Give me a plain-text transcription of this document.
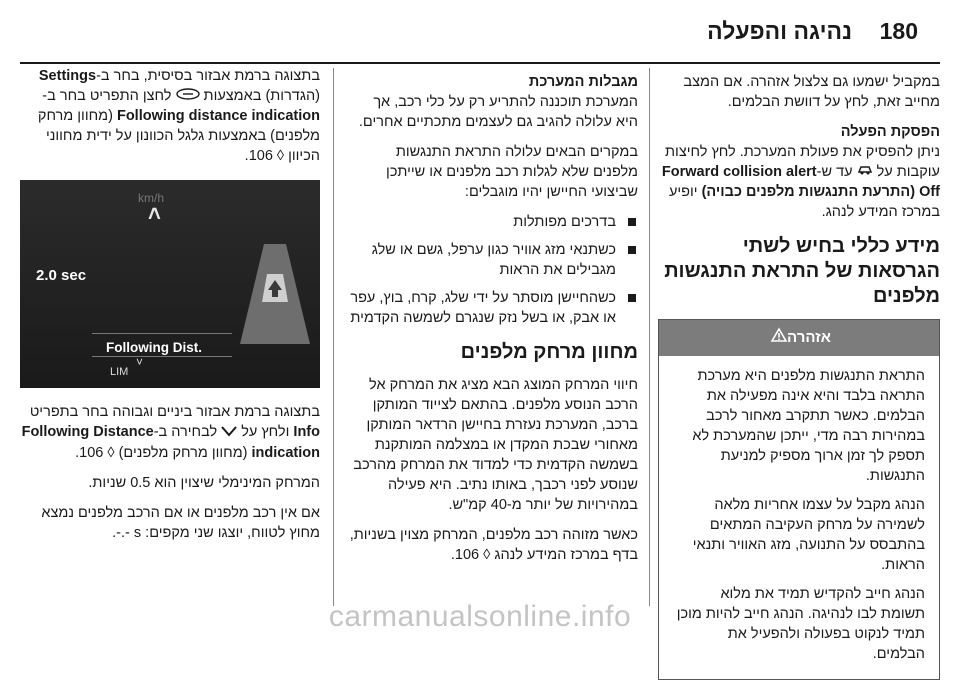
180
נהיגה והפעלה

במקביל ישמעו גם צלצול אזהרה. אם המצב מחייב זאת, לחץ על דוושת הבלמים.

הפסקת הפעלה

ניתן להפסיק את פעולת המערכת. לחץ לחיצות עוקבות על  עד ש-Forward collision alert Off (התרעת התנגשות מלפנים כבויה) יופיע במרכז המידע לנהג.

מידע כללי בחיש לשתי הגרסאות של התראת התנגשות מלפנים
אזהרה

התראת התנגשות מלפנים היא מערכת התראה בלבד והיא אינה מפעילה את הבלמים. כאשר תתקרב מאחור לרכב במהירות רבה מדי, ייתכן שהמערכת לא תספק לך זמן ארוך מספיק למניעת התנגשות.

הנהג מקבל על עצמו אחריות מלאה לשמירה על מרחק העקיבה המתאים בהתבסס על התנועה, מזג האוויר ותנאי הראות.

הנהג חייב להקדיש תמיד את מלוא תשומת לבו לנהיגה. הנהג חייב להיות מוכן תמיד לנקוט בפעולה ולהפעיל את הבלמים.

מגבלות המערכת

המערכת תוכננה להתריע רק על כלי רכב, אך היא עלולה להגיב גם לעצמים מתכתיים אחרים.

במקרים הבאים עלולה התראת התנגשות מלפנים שלא לגלות רכב מלפנים או שייתכן שביצועי החיישן יהיו מוגבלים:

בדרכים מפותלות
כשתנאי מזג אוויר כגון ערפל, גשם או שלג מגבילים את הראות
כשהחיישן מוסתר על ידי שלג, קרח, בוץ, עפר או אבק, או בשל נזק שנגרם לשמשה הקדמית
מחוון מרחק מלפנים

חיווי המרחק המוצג הבא מציג את המרחק אל הרכב הנוסע מלפנים. בהתאם לצייוד המותקן ברכב, המערכת נעזרת בחיישן הרדאר המותקן מאחורי שבכת המקדן או במצלמה המותקנת בשמשה הקדמית כדי למדוד את המרחק מהרכב שנוסע לפני רכבך, באותו נתיב. היא פעילה במהירויות של יותר מ-40 קמ"ש.

כאשר מזוהה רכב מלפנים, המרחק מצוין בשניות, בדף במרכז המידע לנהג ◊ 106.

בתצוגה ברמת אבזור בסיסית, בחר ב-Settings (הגדרות) באמצעות  לחצן התפריט בחר ב- Following distance indication (מחוון מרחק מלפנים) באמצעות גלגל הכוונון על ידית מחווני הכיוון ◊ 106.

km/h
˄
2.0 sec
Following Dist.
˅
LIM

בתצוגה ברמת אבזור ביניים וגבוהה בחר בתפריט Info ולחץ על  לבחירה ב-Following Distance indication (מחוון מרחק מלפנים) ◊ 106.

המרחק המינימלי שיצוין הוא 0.5 שניות.

אם אין רכב מלפנים או אם הרכב מלפנים נמצא מחוץ לטווח, יוצגו שני מקפים: s -.-.

carmanualsonline.info
